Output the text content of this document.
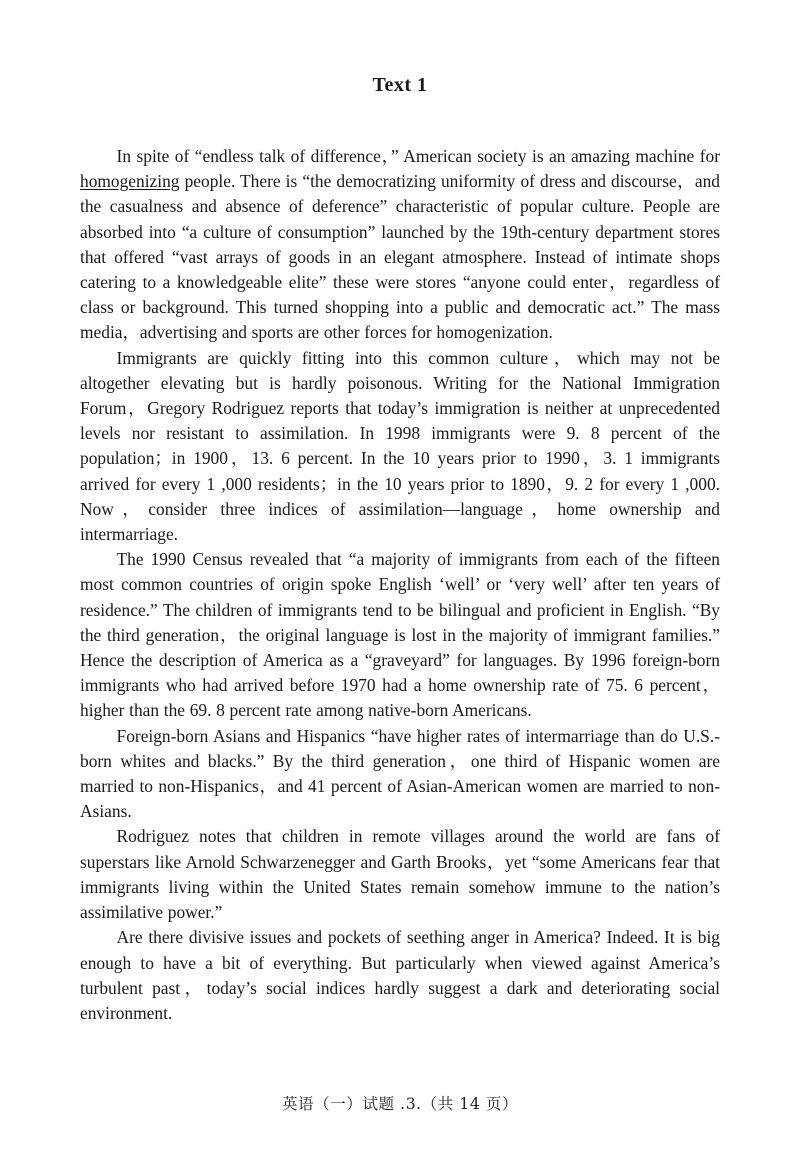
Text 1

In spite of “endless talk of difference，” American society is an amazing machine for homogenizing people. There is “the democratizing uniformity of dress and discourse，and the casualness and absence of deference” characteristic of popular culture. People are absorbed into “a culture of consumption” launched by the 19th-century department stores that offered “vast arrays of goods in an elegant atmosphere. Instead of intimate shops catering to a knowledgeable elite” these were stores “anyone could enter，regardless of class or background. This turned shopping into a public and democratic act.” The mass media，advertising and sports are other forces for homogenization.

Immigrants are quickly fitting into this common culture，which may not be altogether elevating but is hardly poisonous. Writing for the National Immigration Forum，Gregory Rodriguez reports that today’s immigration is neither at unprecedented levels nor resistant to assimilation. In 1998 immigrants were 9. 8 percent of the population；in 1900，13. 6 percent. In the 10 years prior to 1990，3. 1 immigrants arrived for every 1 ,000 residents；in the 10 years prior to 1890，9. 2 for every 1 ,000. Now，consider three indices of assimilation—language，home ownership and intermarriage.

The 1990 Census revealed that “a majority of immigrants from each of the fifteen most common countries of origin spoke English ‘well’ or ‘very well’ after ten years of residence.” The children of immigrants tend to be bilingual and proficient in English. “By the third generation，the original language is lost in the majority of immigrant families.” Hence the description of America as a “graveyard” for languages. By 1996 foreign-born immigrants who had arrived before 1970 had a home ownership rate of 75. 6 percent，higher than the 69. 8 percent rate among native-born Americans.

Foreign-born Asians and Hispanics “have higher rates of intermarriage than do U.S.-born whites and blacks.” By the third generation，one third of Hispanic women are married to non-Hispanics，and 41 percent of Asian-American women are married to non-Asians.

Rodriguez notes that children in remote villages around the world are fans of superstars like Arnold Schwarzenegger and Garth Brooks，yet “some Americans fear that immigrants living within the United States remain somehow immune to the nation’s assimilative power.”

Are there divisive issues and pockets of seething anger in America? Indeed. It is big enough to have a bit of everything. But particularly when viewed against America’s turbulent past，today’s social indices hardly suggest a dark and deteriorating social environment.

英语（一）试题 .3.（共 14 页）
